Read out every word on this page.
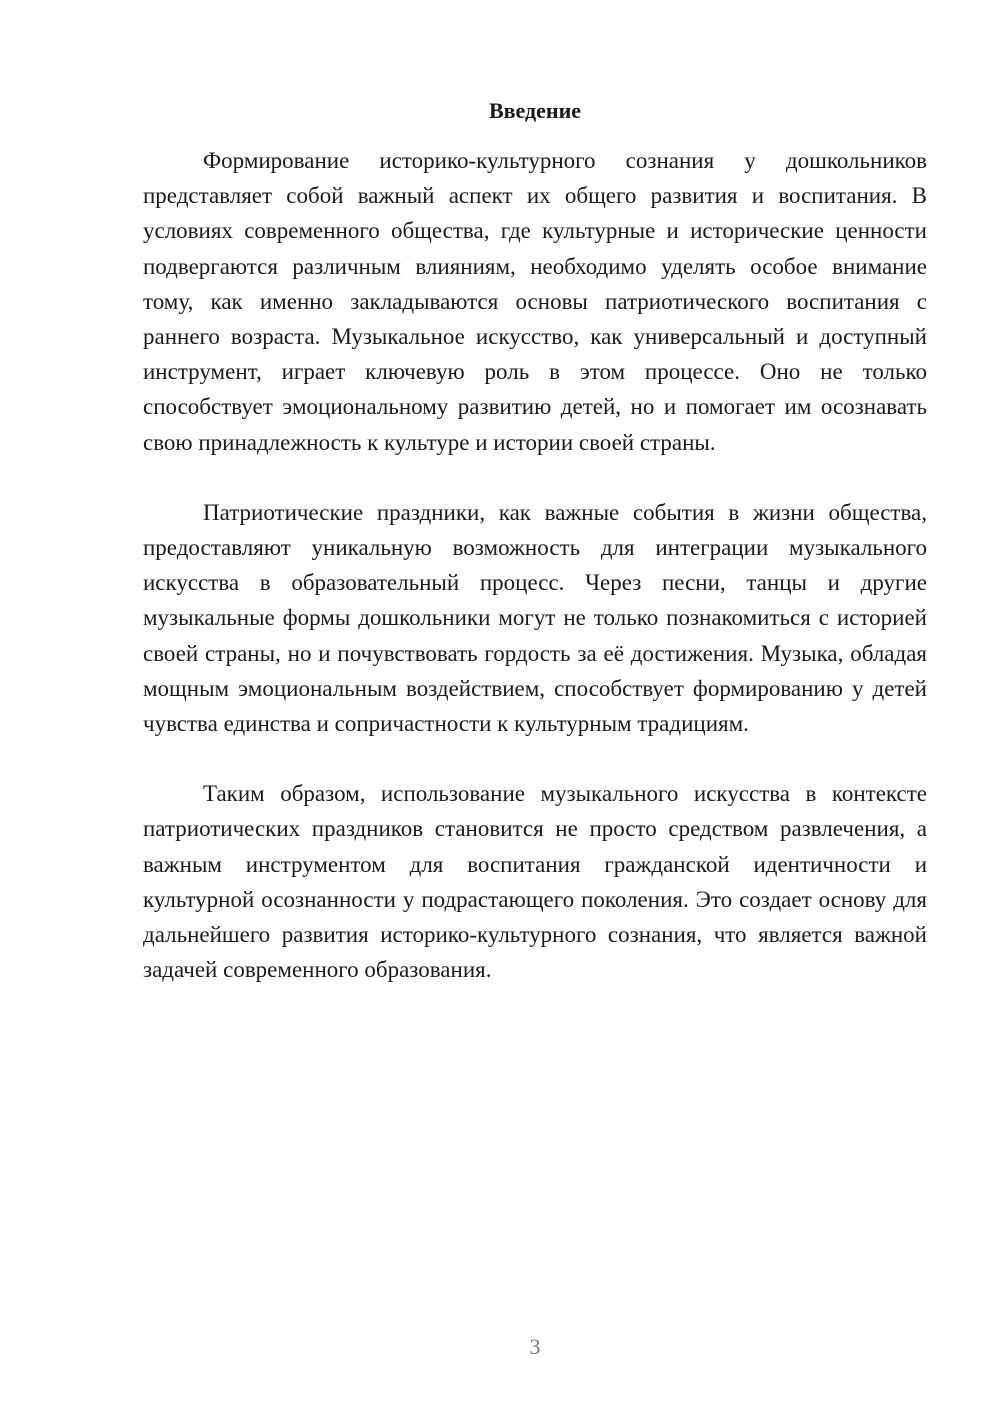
Введение

Формирование историко-культурного сознания у дошкольников представляет собой важный аспект их общего развития и воспитания. В условиях современного общества, где культурные и исторические ценности подвергаются различным влияниям, необходимо уделять особое внимание тому, как именно закладываются основы патриотического воспитания с раннего возраста. Музыкальное искусство, как универсальный и доступный инструмент, играет ключевую роль в этом процессе. Оно не только способствует эмоциональному развитию детей, но и помогает им осознавать свою принадлежность к культуре и истории своей страны.

Патриотические праздники, как важные события в жизни общества, предоставляют уникальную возможность для интеграции музыкального искусства в образовательный процесс. Через песни, танцы и другие музыкальные формы дошкольники могут не только познакомиться с историей своей страны, но и почувствовать гордость за её достижения. Музыка, обладая мощным эмоциональным воздействием, способствует формированию у детей чувства единства и сопричастности к культурным традициям.

Таким образом, использование музыкального искусства в контексте патриотических праздников становится не просто средством развлечения, а важным инструментом для воспитания гражданской идентичности и культурной осознанности у подрастающего поколения. Это создает основу для дальнейшего развития историко-культурного сознания, что является важной задачей современного образования.

3
